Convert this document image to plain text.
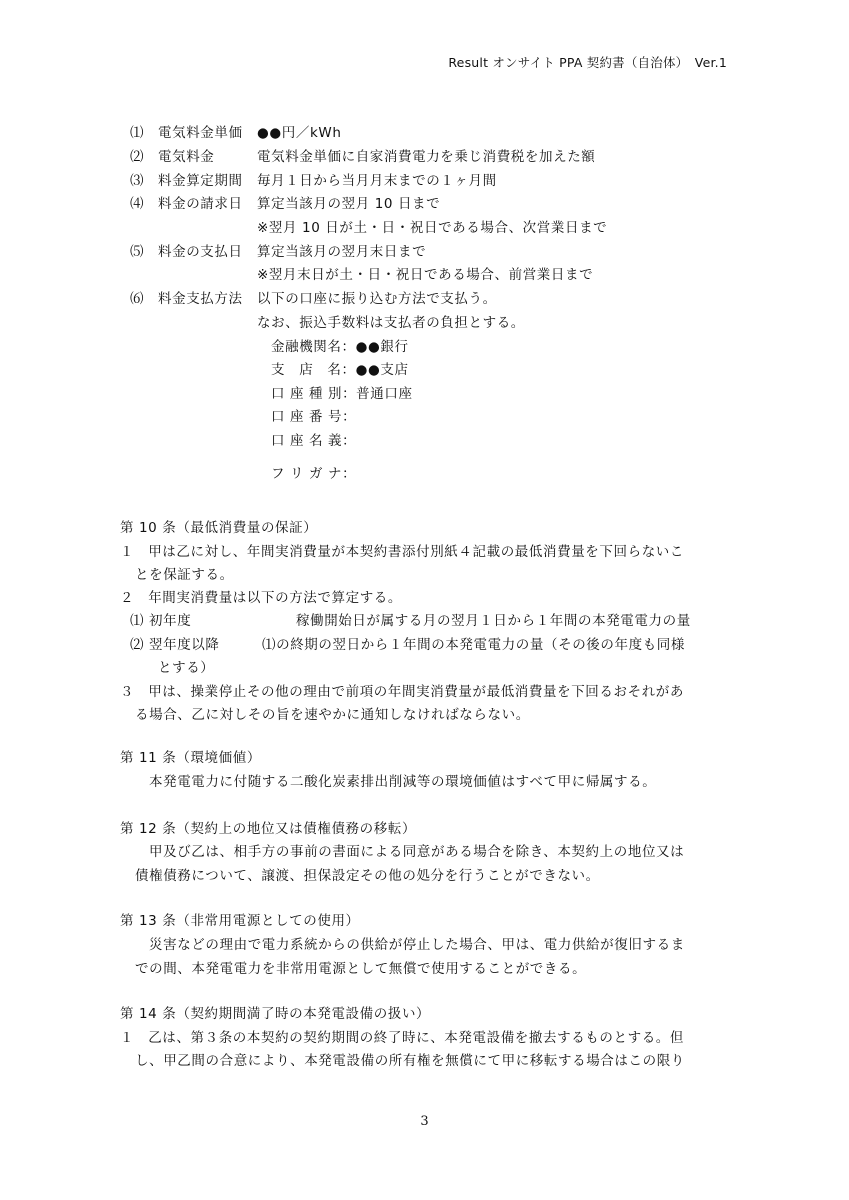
Result オンサイト PPA 契約書（自治体）　Ver.1
⑴ 電気料金単価 ●●円／kWh
⑵ 電気料金	電気料金単価に自家消費電力を乗じ消費税を加えた額
⑶ 料金算定期間 毎月１日から当月月末までの１ヶ月間
⑷ 料金の請求日 算定当該月の翌月 10 日まで
※翌月 10 日が土・日・祝日である場合、次営業日まで
⑸ 料金の支払日 算定当該月の翌月末日まで
※翌月末日が土・日・祝日である場合、前営業日まで
⑹ 料金支払方法 以下の口座に振り込む方法で支払う。
なお、振込手数料は支払者の負担とする。
金融機関名：●●銀行
支　店　名：●●支店
口 座 種 別：普通口座
口 座 番 号：
口 座 名 義：
フ リ ガ ナ：
第 10 条（最低消費量の保証）
１　甲は乙に対し、年間実消費量が本契約書添付別紙４記載の最低消費量を下回らないこ
とを保証する。
２　年間実消費量は以下の方法で算定する。
⑴ 初年度	稼働開始日が属する月の翌月１日から１年間の本発電電力の量
⑵ 翌年度以降	⑴の終期の翌日から１年間の本発電電力の量（その後の年度も同様
とする）
３　甲は、操業停止その他の理由で前項の年間実消費量が最低消費量を下回るおそれがあ
る場合、乙に対しその旨を速やかに通知しなければならない。
第 11 条（環境価値）
本発電電力に付随する二酸化炭素排出削減等の環境価値はすべて甲に帰属する。
第 12 条（契約上の地位又は債権債務の移転）
甲及び乙は、相手方の事前の書面による同意がある場合を除き、本契約上の地位又は
債権債務について、譲渡、担保設定その他の処分を行うことができない。
第 13 条（非常用電源としての使用）
災害などの理由で電力系統からの供給が停止した場合、甲は、電力供給が復旧するま
での間、本発電電力を非常用電源として無償で使用することができる。
第 14 条（契約期間満了時の本発電設備の扱い）
１　乙は、第３条の本契約の契約期間の終了時に、本発電設備を撤去するものとする。但
し、甲乙間の合意により、本発電設備の所有権を無償にて甲に移転する場合はこの限り
3
